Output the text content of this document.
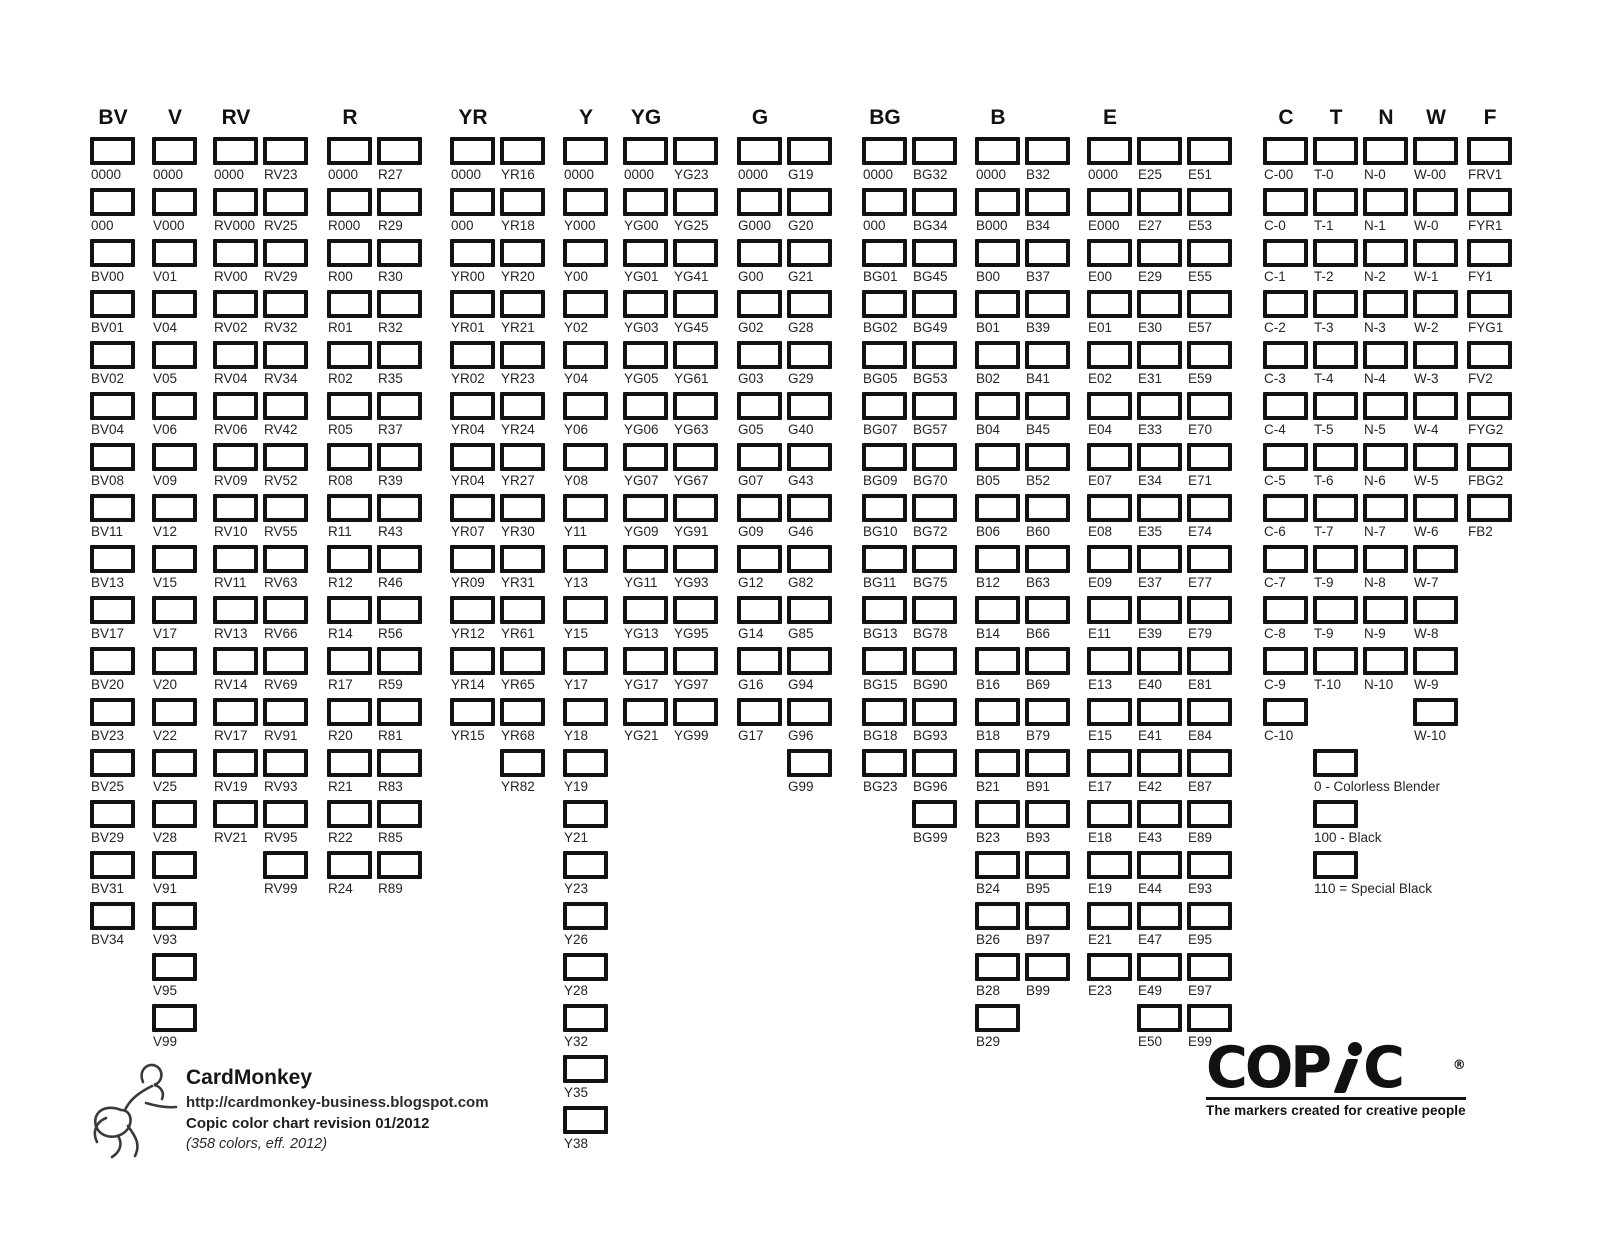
BV
0000
000
BV00
BV01
BV02
BV04
BV08
BV11
BV13
BV17
BV20
BV23
BV25
BV29
BV31
BV34
V
0000
V000
V01
V04
V05
V06
V09
V12
V15
V17
V20
V22
V25
V28
V91
V93
V95
V99
RV
0000
RV000
RV00
RV02
RV04
RV06
RV09
RV10
RV11
RV13
RV14
RV17
RV19
RV21
RV23
RV25
RV29
RV32
RV34
RV42
RV52
RV55
RV63
RV66
RV69
RV91
RV93
RV95
RV99
R
0000
R000
R00
R01
R02
R05
R08
R11
R12
R14
R17
R20
R21
R22
R24
R27
R29
R30
R32
R35
R37
R39
R43
R46
R56
R59
R81
R83
R85
R89
YR
0000
000
YR00
YR01
YR02
YR04
YR04
YR07
YR09
YR12
YR14
YR15
YR16
YR18
YR20
YR21
YR23
YR24
YR27
YR30
YR31
YR61
YR65
YR68
YR82
Y
0000
Y000
Y00
Y02
Y04
Y06
Y08
Y11
Y13
Y15
Y17
Y18
Y19
Y21
Y23
Y26
Y28
Y32
Y35
Y38
YG
0000
YG00
YG01
YG03
YG05
YG06
YG07
YG09
YG11
YG13
YG17
YG21
YG23
YG25
YG41
YG45
YG61
YG63
YG67
YG91
YG93
YG95
YG97
YG99
G
0000
G000
G00
G02
G03
G05
G07
G09
G12
G14
G16
G17
G19
G20
G21
G28
G29
G40
G43
G46
G82
G85
G94
G96
G99
BG
0000
000
BG01
BG02
BG05
BG07
BG09
BG10
BG11
BG13
BG15
BG18
BG23
BG32
BG34
BG45
BG49
BG53
BG57
BG70
BG72
BG75
BG78
BG90
BG93
BG96
BG99
B
0000
B000
B00
B01
B02
B04
B05
B06
B12
B14
B16
B18
B21
B23
B24
B26
B28
B29
B32
B34
B37
B39
B41
B45
B52
B60
B63
B66
B69
B79
B91
B93
B95
B97
B99
E
0000
E000
E00
E01
E02
E04
E07
E08
E09
E11
E13
E15
E17
E18
E19
E21
E23
E25
E27
E29
E30
E31
E33
E34
E35
E37
E39
E40
E41
E42
E43
E44
E47
E49
E50
E51
E53
E55
E57
E59
E70
E71
E74
E77
E79
E81
E84
E87
E89
E93
E95
E97
E99
C
C-00
C-0
C-1
C-2
C-3
C-4
C-5
C-6
C-7
C-8
C-9
C-10
T
T-0
T-1
T-2
T-3
T-4
T-5
T-6
T-7
T-9
T-9
T-10
N
N-0
N-1
N-2
N-3
N-4
N-5
N-6
N-7
N-8
N-9
N-10
W
W-00
W-0
W-1
W-2
W-3
W-4
W-5
W-6
W-7
W-8
W-9
W-10
F
FRV1
FYR1
FY1
FYG1
FV2
FYG2
FBG2
FB2
0 - Colorless Blender
100 - Black
110 = Special Black
CardMonkey
http://cardmonkey-business.blogspot.com
Copic color chart revision 01/2012
(358 colors, eff. 2012)
COP C	®
The markers created for creative people
